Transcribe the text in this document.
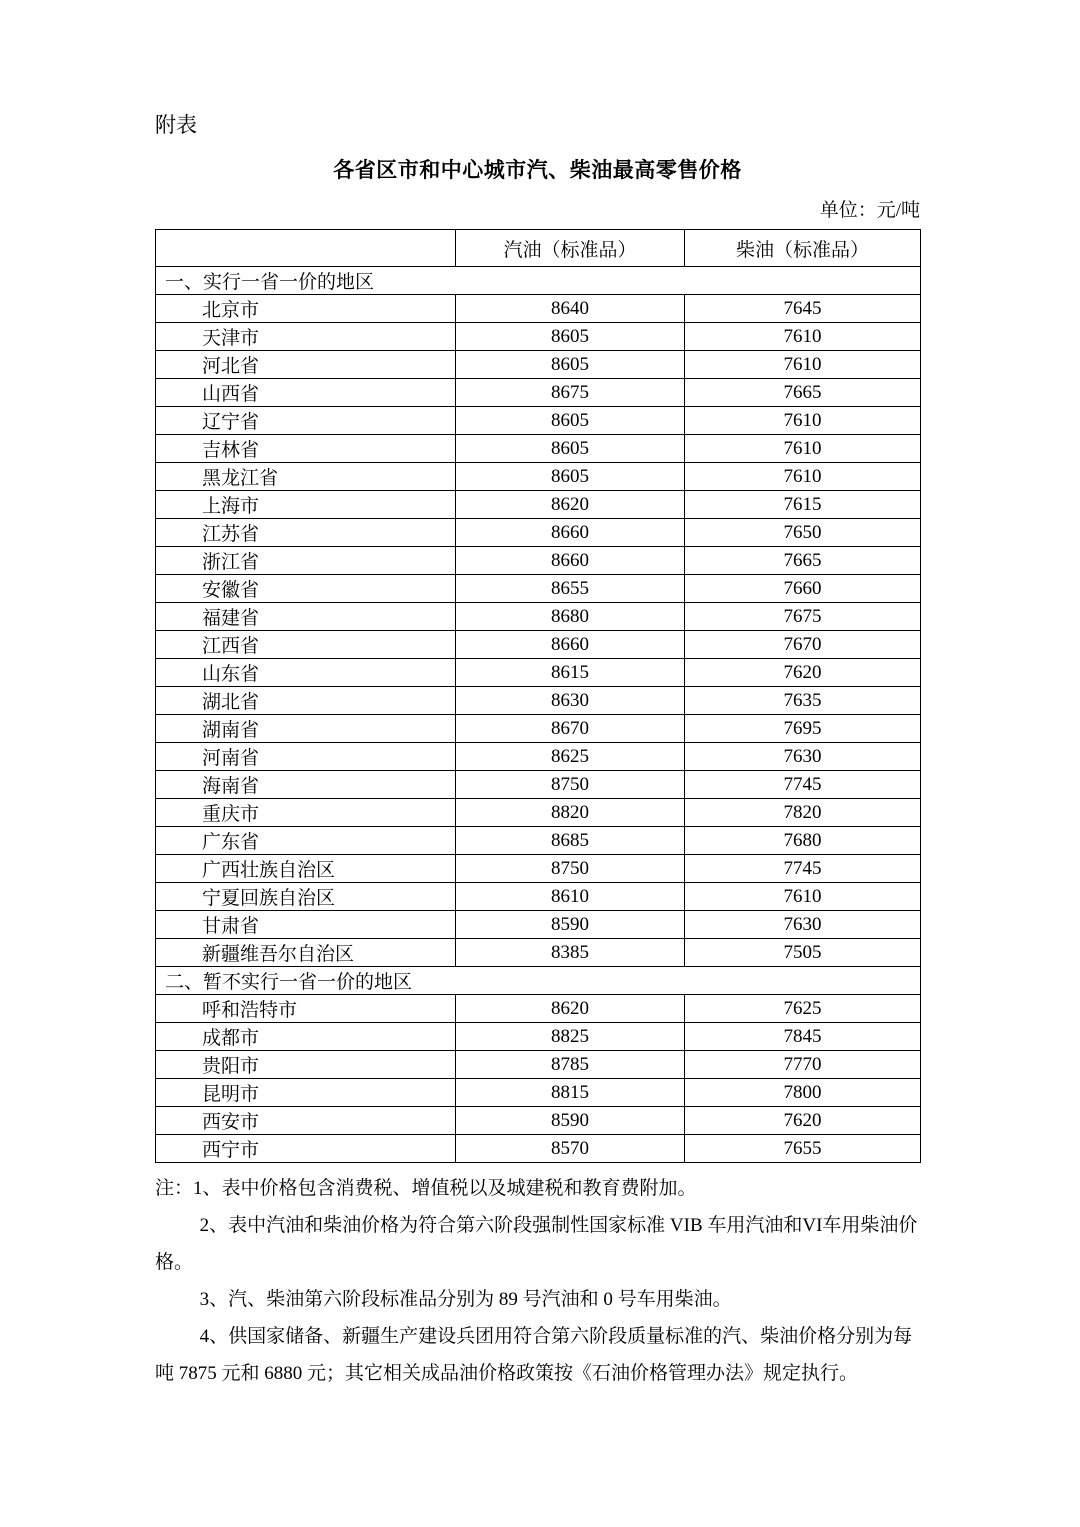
附表
各省区市和中心城市汽、柴油最高零售价格
单位：元/吨
	汽油（标准品）	柴油（标准品）
一、实行一省一价的地区		
北京市	8640	7645
天津市	8605	7610
河北省	8605	7610
山西省	8675	7665
辽宁省	8605	7610
吉林省	8605	7610
黑龙江省	8605	7610
上海市	8620	7615
江苏省	8660	7650
浙江省	8660	7665
安徽省	8655	7660
福建省	8680	7675
江西省	8660	7670
山东省	8615	7620
湖北省	8630	7635
湖南省	8670	7695
河南省	8625	7630
海南省	8750	7745
重庆市	8820	7820
广东省	8685	7680
广西壮族自治区	8750	7745
宁夏回族自治区	8610	7610
甘肃省	8590	7630
新疆维吾尔自治区	8385	7505
二、暂不实行一省一价的地区		
呼和浩特市	8620	7625
成都市	8825	7845
贵阳市	8785	7770
昆明市	8815	7800
西安市	8590	7620
西宁市	8570	7655

注：1、表中价格包含消费税、增值税以及城建税和教育费附加。

2、表中汽油和柴油价格为符合第六阶段强制性国家标准 VIB 车用汽油和VI车用柴油价格。

3、汽、柴油第六阶段标准品分别为 89 号汽油和 0 号车用柴油。

4、供国家储备、新疆生产建设兵团用符合第六阶段质量标准的汽、柴油价格分别为每吨 7875 元和 6880 元；其它相关成品油价格政策按《石油价格管理办法》规定执行。
